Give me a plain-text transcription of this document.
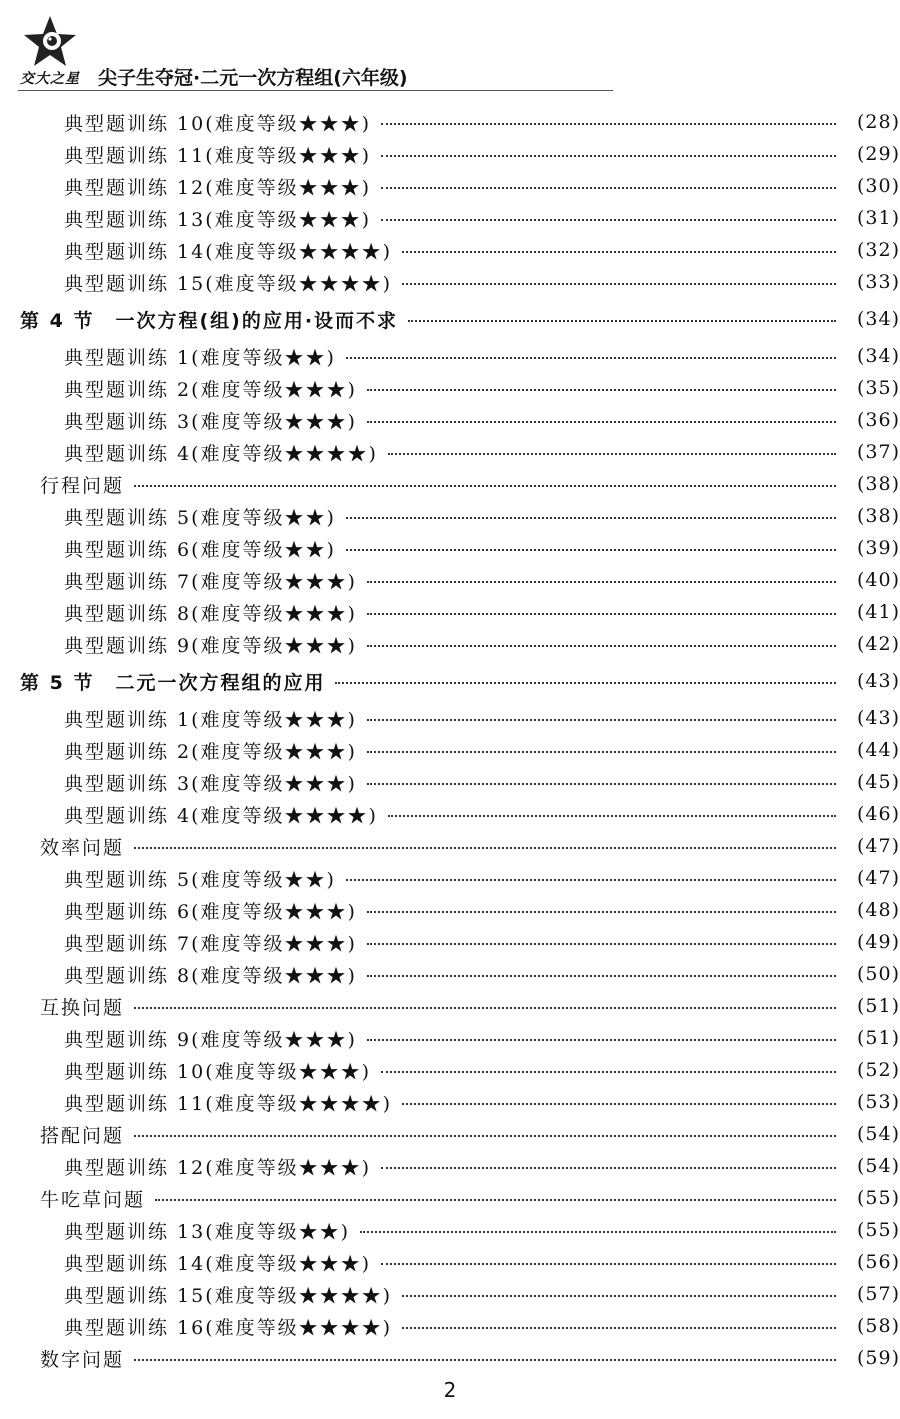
交大之星 尖子生夺冠·二元一次方程组(六年级)
典型题训练 10(难度等级★★★)	(28)
典型题训练 11(难度等级★★★)	(29)
典型题训练 12(难度等级★★★)	(30)
典型题训练 13(难度等级★★★)	(31)
典型题训练 14(难度等级★★★★)	(32)
典型题训练 15(难度等级★★★★)	(33)
第 4 节　一次方程(组)的应用·设而不求	(34)
典型题训练 1(难度等级★★)	(34)
典型题训练 2(难度等级★★★)	(35)
典型题训练 3(难度等级★★★)	(36)
典型题训练 4(难度等级★★★★)	(37)
行程问题	(38)
典型题训练 5(难度等级★★)	(38)
典型题训练 6(难度等级★★)	(39)
典型题训练 7(难度等级★★★)	(40)
典型题训练 8(难度等级★★★)	(41)
典型题训练 9(难度等级★★★)	(42)
第 5 节　二元一次方程组的应用	(43)
典型题训练 1(难度等级★★★)	(43)
典型题训练 2(难度等级★★★)	(44)
典型题训练 3(难度等级★★★)	(45)
典型题训练 4(难度等级★★★★)	(46)
效率问题	(47)
典型题训练 5(难度等级★★)	(47)
典型题训练 6(难度等级★★★)	(48)
典型题训练 7(难度等级★★★)	(49)
典型题训练 8(难度等级★★★)	(50)
互换问题	(51)
典型题训练 9(难度等级★★★)	(51)
典型题训练 10(难度等级★★★)	(52)
典型题训练 11(难度等级★★★★)	(53)
搭配问题	(54)
典型题训练 12(难度等级★★★)	(54)
牛吃草问题	(55)
典型题训练 13(难度等级★★)	(55)
典型题训练 14(难度等级★★★)	(56)
典型题训练 15(难度等级★★★★)	(57)
典型题训练 16(难度等级★★★★)	(58)
数字问题	(59)
2
